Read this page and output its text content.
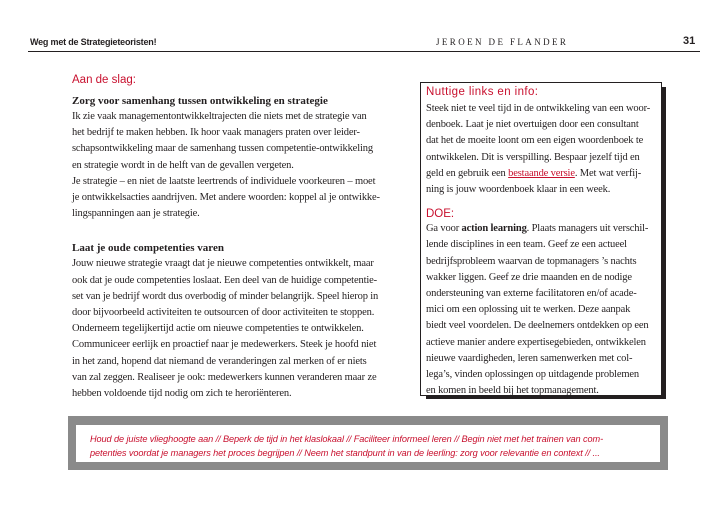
Weg met de Strategieteoristen!	JEROEN DE FLANDER	31
Aan de slag:
Zorg voor samenhang tussen ontwikkeling en strategie
Ik zie vaak managementontwikkeltrajecten die niets met de strategie van
het bedrijf te maken hebben. Ik hoor vaak managers praten over leider-
schapsontwikkeling maar de samenhang tussen competentie-ontwikkeling
en strategie wordt in de helft van de gevallen vergeten.
Je strategie – en niet de laatste leertrends of individuele voorkeuren – moet
je ontwikkelsacties aandrijven. Met andere woorden: koppel al je ontwikke-
lingspanningen aan je strategie.
Laat je oude competenties varen
Jouw nieuwe strategie vraagt dat je nieuwe competenties ontwikkelt, maar
ook dat je oude competenties loslaat. Een deel van de huidige competentie-
set van je bedrijf wordt dus overbodig of minder belangrijk. Speel hierop in
door bijvoorbeeld activiteiten te outsourcen of door activiteiten te stoppen.
Onderneem tegelijkertijd actie om nieuwe competenties te ontwikkelen.
Communiceer eerlijk en proactief naar je medewerkers. Steek je hoofd niet
in het zand, hopend dat niemand de veranderingen zal merken of er niets
van zal zeggen. Realiseer je ook: medewerkers kunnen veranderen maar ze
hebben voldoende tijd nodig om zich te heroriënteren.
Nuttige links en info:
Steek niet te veel tijd in de ontwikkeling van een woor-
denboek. Laat je niet overtuigen door een consultant
dat het de moeite loont om een eigen woordenboek te
ontwikkelen. Dit is verspilling. Bespaar jezelf tijd en
geld en gebruik een bestaande versie. Met wat verfij-
ning is jouw woordenboek klaar in een week.
DOE:
Ga voor action learning. Plaats managers uit verschil-
lende disciplines in een team. Geef ze een actueel
bedrijfsprobleem waarvan de topmanagers ’s nachts
wakker liggen. Geef ze drie maanden en de nodige
ondersteuning van externe facilitatoren en/of acade-
mici om een oplossing uit te werken. Deze aanpak
biedt veel voordelen. De deelnemers ontdekken op een
actieve manier andere expertisegebieden, ontwikkelen
nieuwe vaardigheden, leren samenwerken met col-
lega’s, vinden oplossingen op uitdagende problemen
en komen in beeld bij het topmanagement.
Houd de juiste vlieghoogte aan // Beperk de tijd in het klaslokaal // Faciliteer informeel leren // Begin niet met het trainen van com-
petenties voordat je managers het proces begrijpen // Neem het standpunt in van de leerling: zorg voor relevantie en context // ...
